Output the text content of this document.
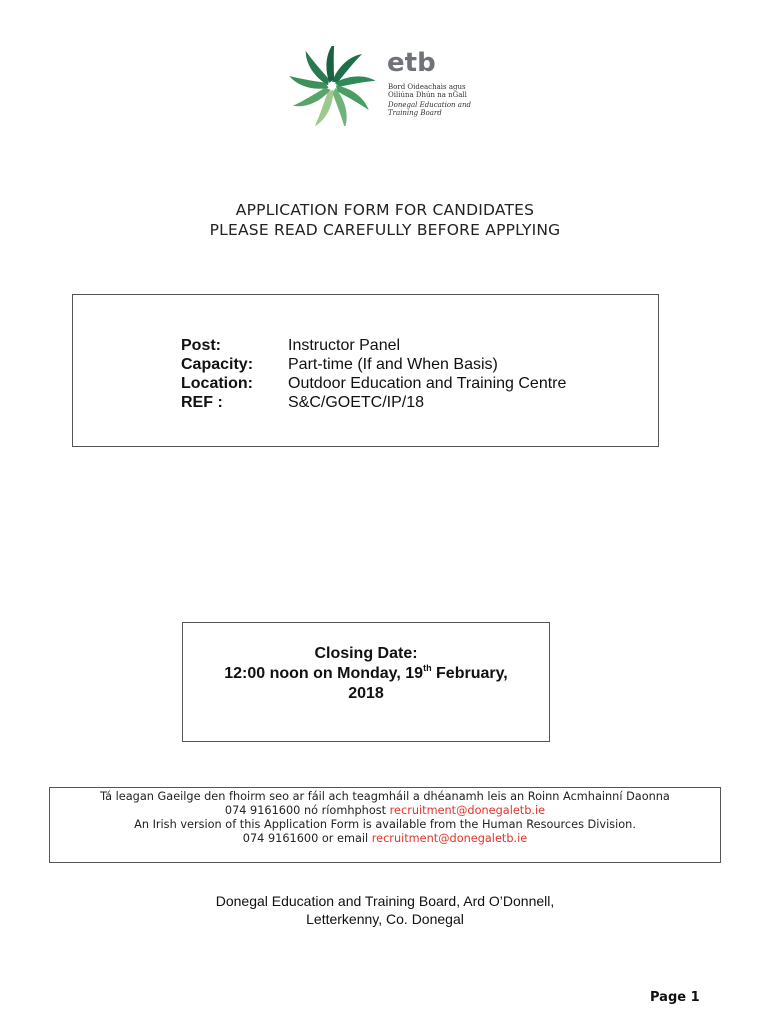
etb
Bord Oideachais agus
Oiliúna Dhún na nGall
Donegal Education and
Training Board
APPLICATION FORM FOR CANDIDATES
PLEASE READ CAREFULLY BEFORE APPLYING
Post:	Instructor Panel
Capacity: Part-time (If and When Basis)
Location: Outdoor Education and Training Centre
REF :	S&C/GOETC/IP/18
Closing Date:
12:00 noon on Monday, 19th February,
2018
Tá leagan Gaeilge den fhoirm seo ar fáil ach teagmháil a dhéanamh leis an Roinn Acmhainní Daonna
074 9161600 nó ríomhphost recruitment@donegaletb.ie
An Irish version of this Application Form is available from the Human Resources Division.
074 9161600 or email recruitment@donegaletb.ie
Donegal Education and Training Board, Ard O’Donnell,
Letterkenny, Co. Donegal
Page 1
